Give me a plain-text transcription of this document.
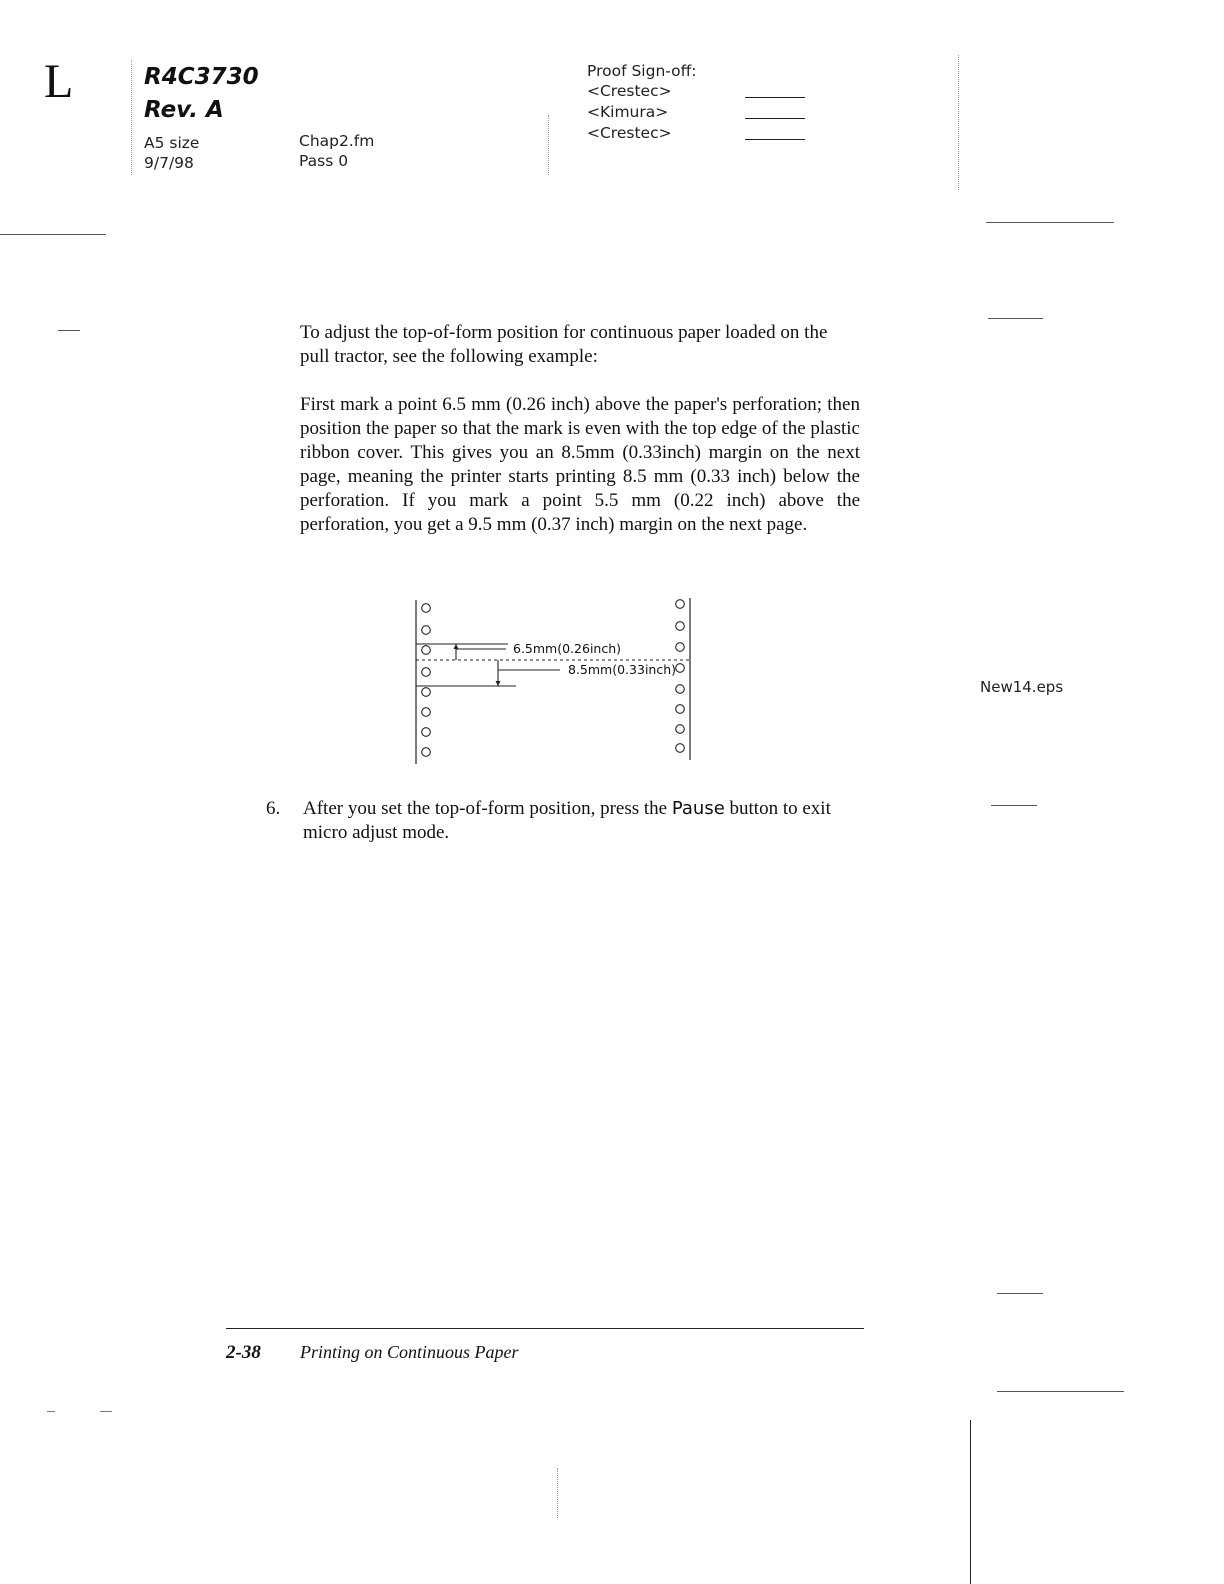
L	R4C3730
Rev. A
A5 size
9/7/98
Chap2.fm
Pass 0
Proof Sign-off:
<Crestec>
<Kimura>
<Crestec>
To adjust the top-of-form position for continuous paper loaded on the pull tractor, see the following example:
First mark a point 6.5 mm (0.26 inch) above the paper's perforation; then position the paper so that the mark is even with the top edge of the plastic ribbon cover. This gives you an 8.5mm (0.33inch) margin on the next page, meaning the printer starts printing 8.5 mm (0.33 inch) below the perforation. If you mark a point 5.5 mm (0.22 inch) above the perforation, you get a 9.5 mm (0.37 inch) margin on the next page.
6.5mm(0.26inch)
8.5mm(0.33inch)
New14.eps
6. After you set the top-of-form position, press the Pause button to exit micro adjust mode.
2-38 Printing on Continuous Paper
